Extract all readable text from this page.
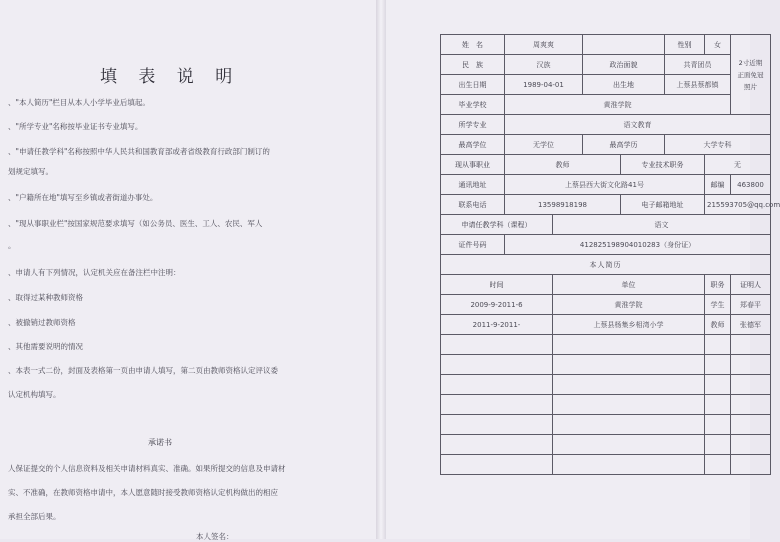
填 表 说 明
、"本人简历"栏目从本人小学毕业后填起。
、"所学专业"名称按毕业证书专业填写。
、"申请任教学科"名称按照中华人民共和国教育部或者省级教育行政部门制订的
划规定填写。
、"户籍所在地"填写至乡镇或者街道办事处。
、"现从事职业栏"按国家规范要求填写（如公务员、医生、工人、农民、军人
。
、申请人有下列情况，认定机关应在备注栏中注明：
、取得过某种教师资格
、被撤销过教师资格
、其他需要说明的情况
、本表一式二份，封面及表格第一页由申请人填写，第二页由教师资格认定评议委
认定机构填写。
承诺书
人保证提交的个人信息资料及相关申请材料真实、准确。如果所提交的信息及申请材
实、不准确，在教师资格申请中，本人愿意随时接受教师资格认定机构做出的相应
承担全部后果。
本人签名：
姓　名	周爽爽				性别	女	2寸近期
正面免冠
照片
民　族	汉族		政治面貌		共青团员		
出生日期	1989-04-01		出生地		上蔡县蔡都镇		
毕业学校	黄淮学院						
所学专业	语文教育						
最高学位	无学位		最高学历		大学专科		
现从事职业	教师			专业技术职务		无	
通讯地址	上蔡县西大街文化路41号					邮编	463800
联系电话	13598918198			电子邮箱地址		215593705@qq.com	
申请任教学科（课程）		语文					
证件号码	412825198904010283（身份证）						
本人简历							
时间		单位				职务	证明人
2009-9-2011-6		黄淮学院				学生	郑春平
2011-9-2011-		上蔡县杨集乡相湾小学				教师	张德军
